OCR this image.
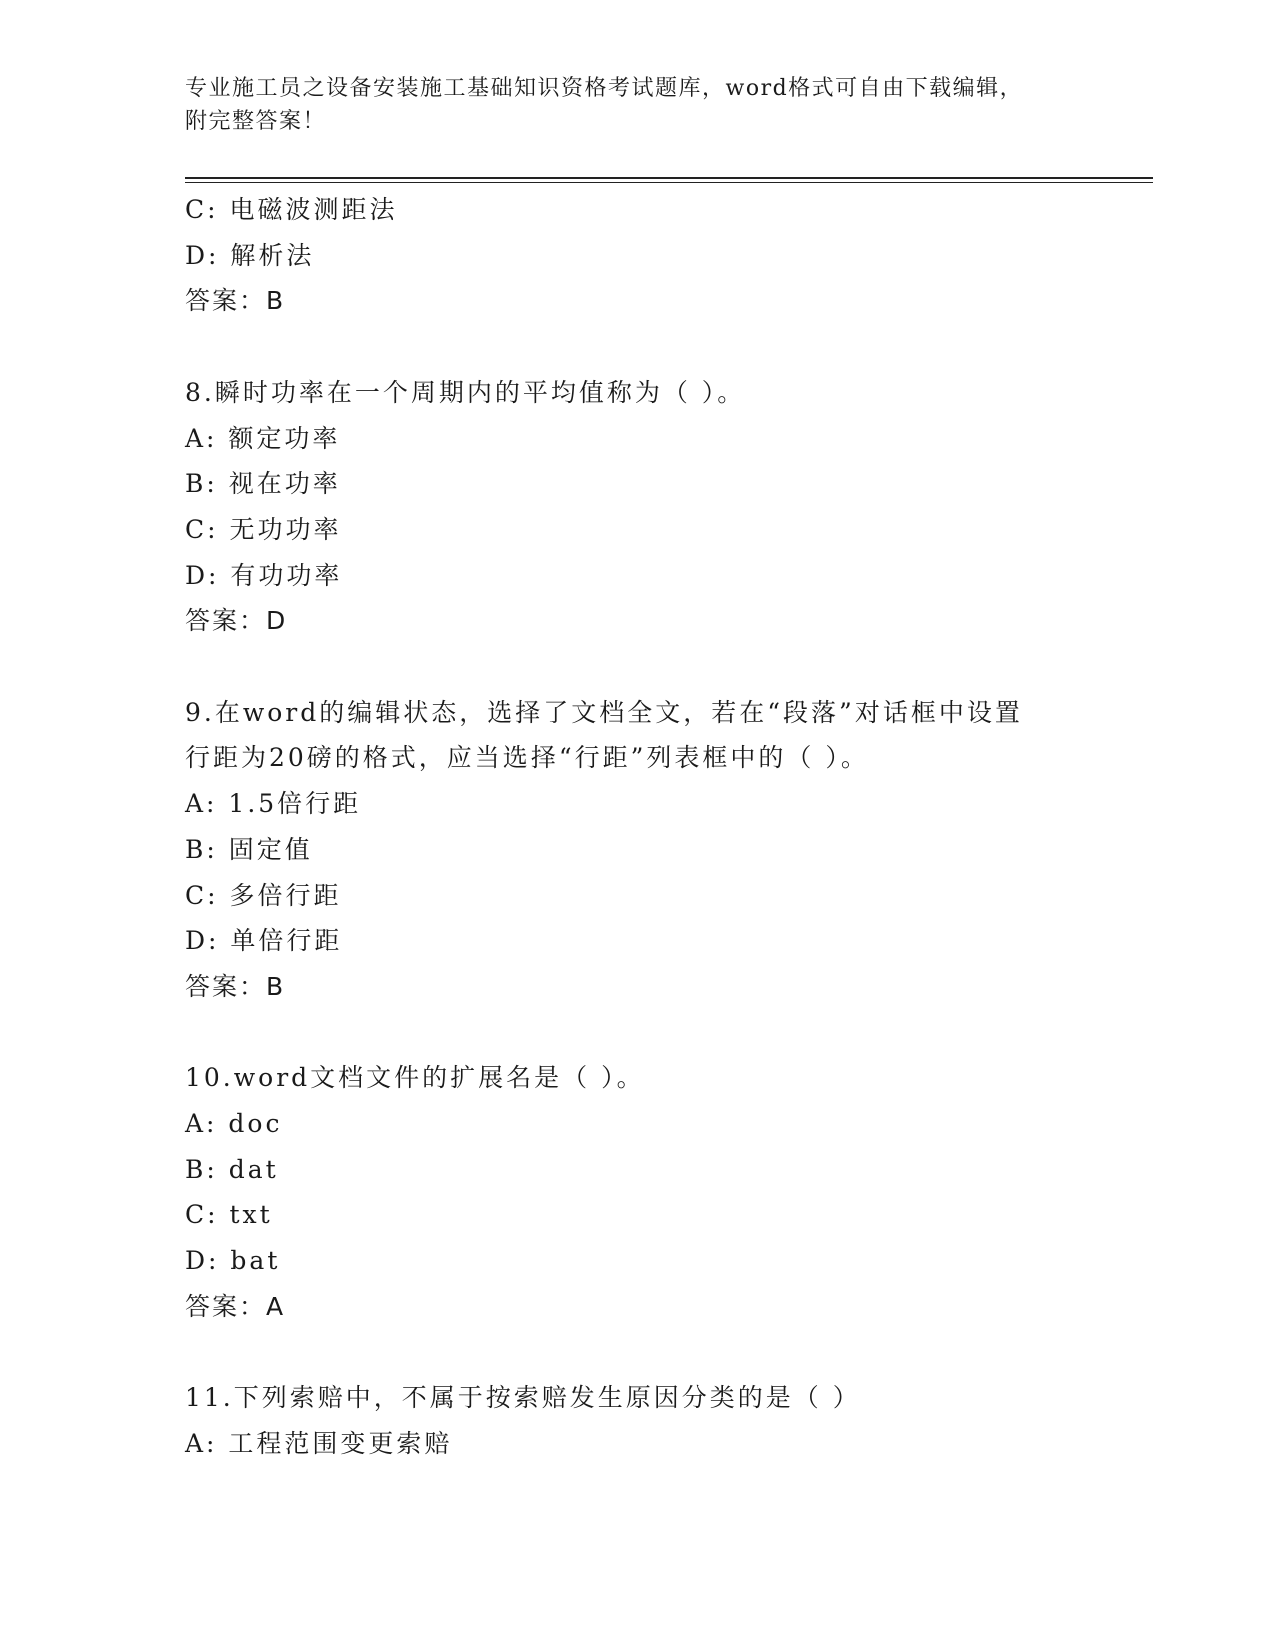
专业施工员之设备安装施工基础知识资格考试题库，word格式可自由下载编辑，
附完整答案！
C: 电磁波测距法
D: 解析法
答案：B
8.瞬时功率在一个周期内的平均值称为（ ）。
A: 额定功率
B: 视在功率
C: 无功功率
D: 有功功率
答案：D
9.在word的编辑状态，选择了文档全文，若在“段落”对话框中设置
行距为20磅的格式，应当选择“行距”列表框中的（ ）。
A: 1.5倍行距
B: 固定值
C: 多倍行距
D: 单倍行距
答案：B
10.word文档文件的扩展名是（ ）。
A: doc
B: dat
C: txt
D: bat
答案：A
11.下列索赔中，不属于按索赔发生原因分类的是（ ）
A: 工程范围变更索赔
